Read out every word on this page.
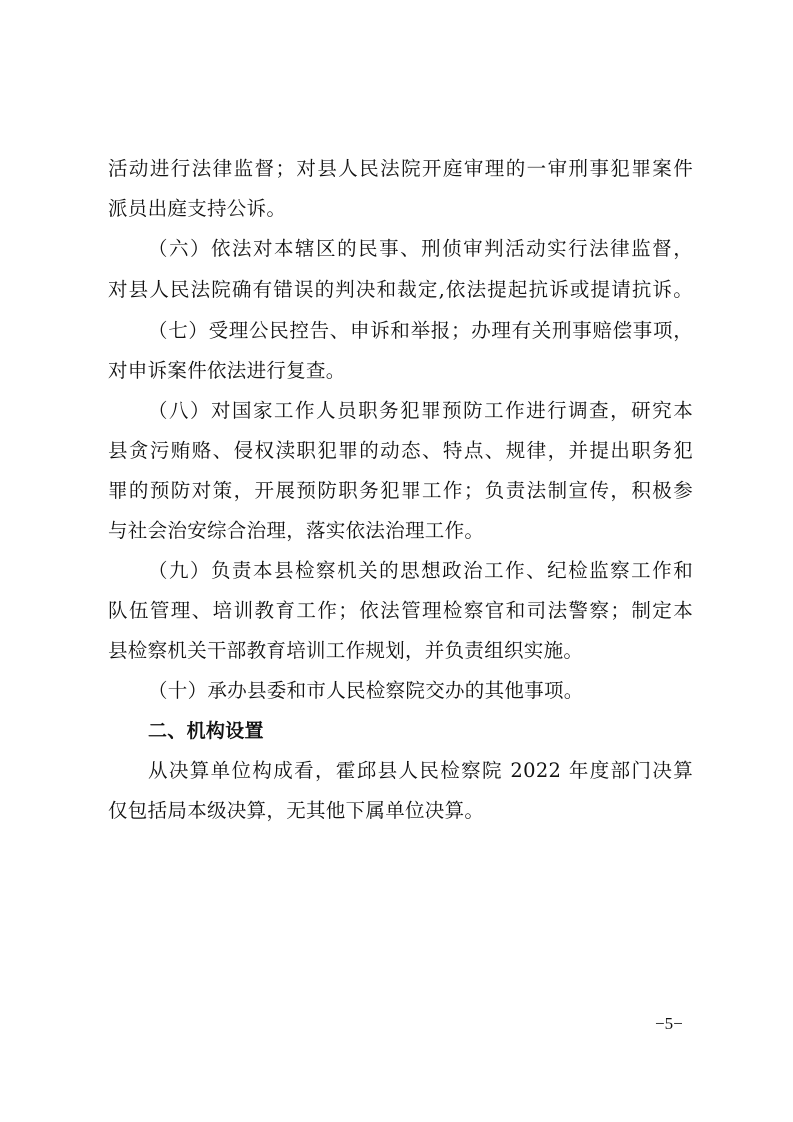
活动进行法律监督；对县人民法院开庭审理的一审刑事犯罪案件
派员出庭支持公诉。
（六）依法对本辖区的民事、刑侦审判活动实行法律监督，
对县人民法院确有错误的判决和裁定,依法提起抗诉或提请抗诉。
（七）受理公民控告、申诉和举报；办理有关刑事赔偿事项，
对申诉案件依法进行复查。
（八）对国家工作人员职务犯罪预防工作进行调查，研究本
县贪污贿赂、侵权渎职犯罪的动态、特点、规律，并提出职务犯
罪的预防对策，开展预防职务犯罪工作；负责法制宣传，积极参
与社会治安综合治理，落实依法治理工作。
（九）负责本县检察机关的思想政治工作、纪检监察工作和
队伍管理、培训教育工作；依法管理检察官和司法警察；制定本
县检察机关干部教育培训工作规划，并负责组织实施。
（十）承办县委和市人民检察院交办的其他事项。
二、机构设置
从决算单位构成看，霍邱县人民检察院 2022 年度部门决算
仅包括局本级决算，无其他下属单位决算。
−5−
